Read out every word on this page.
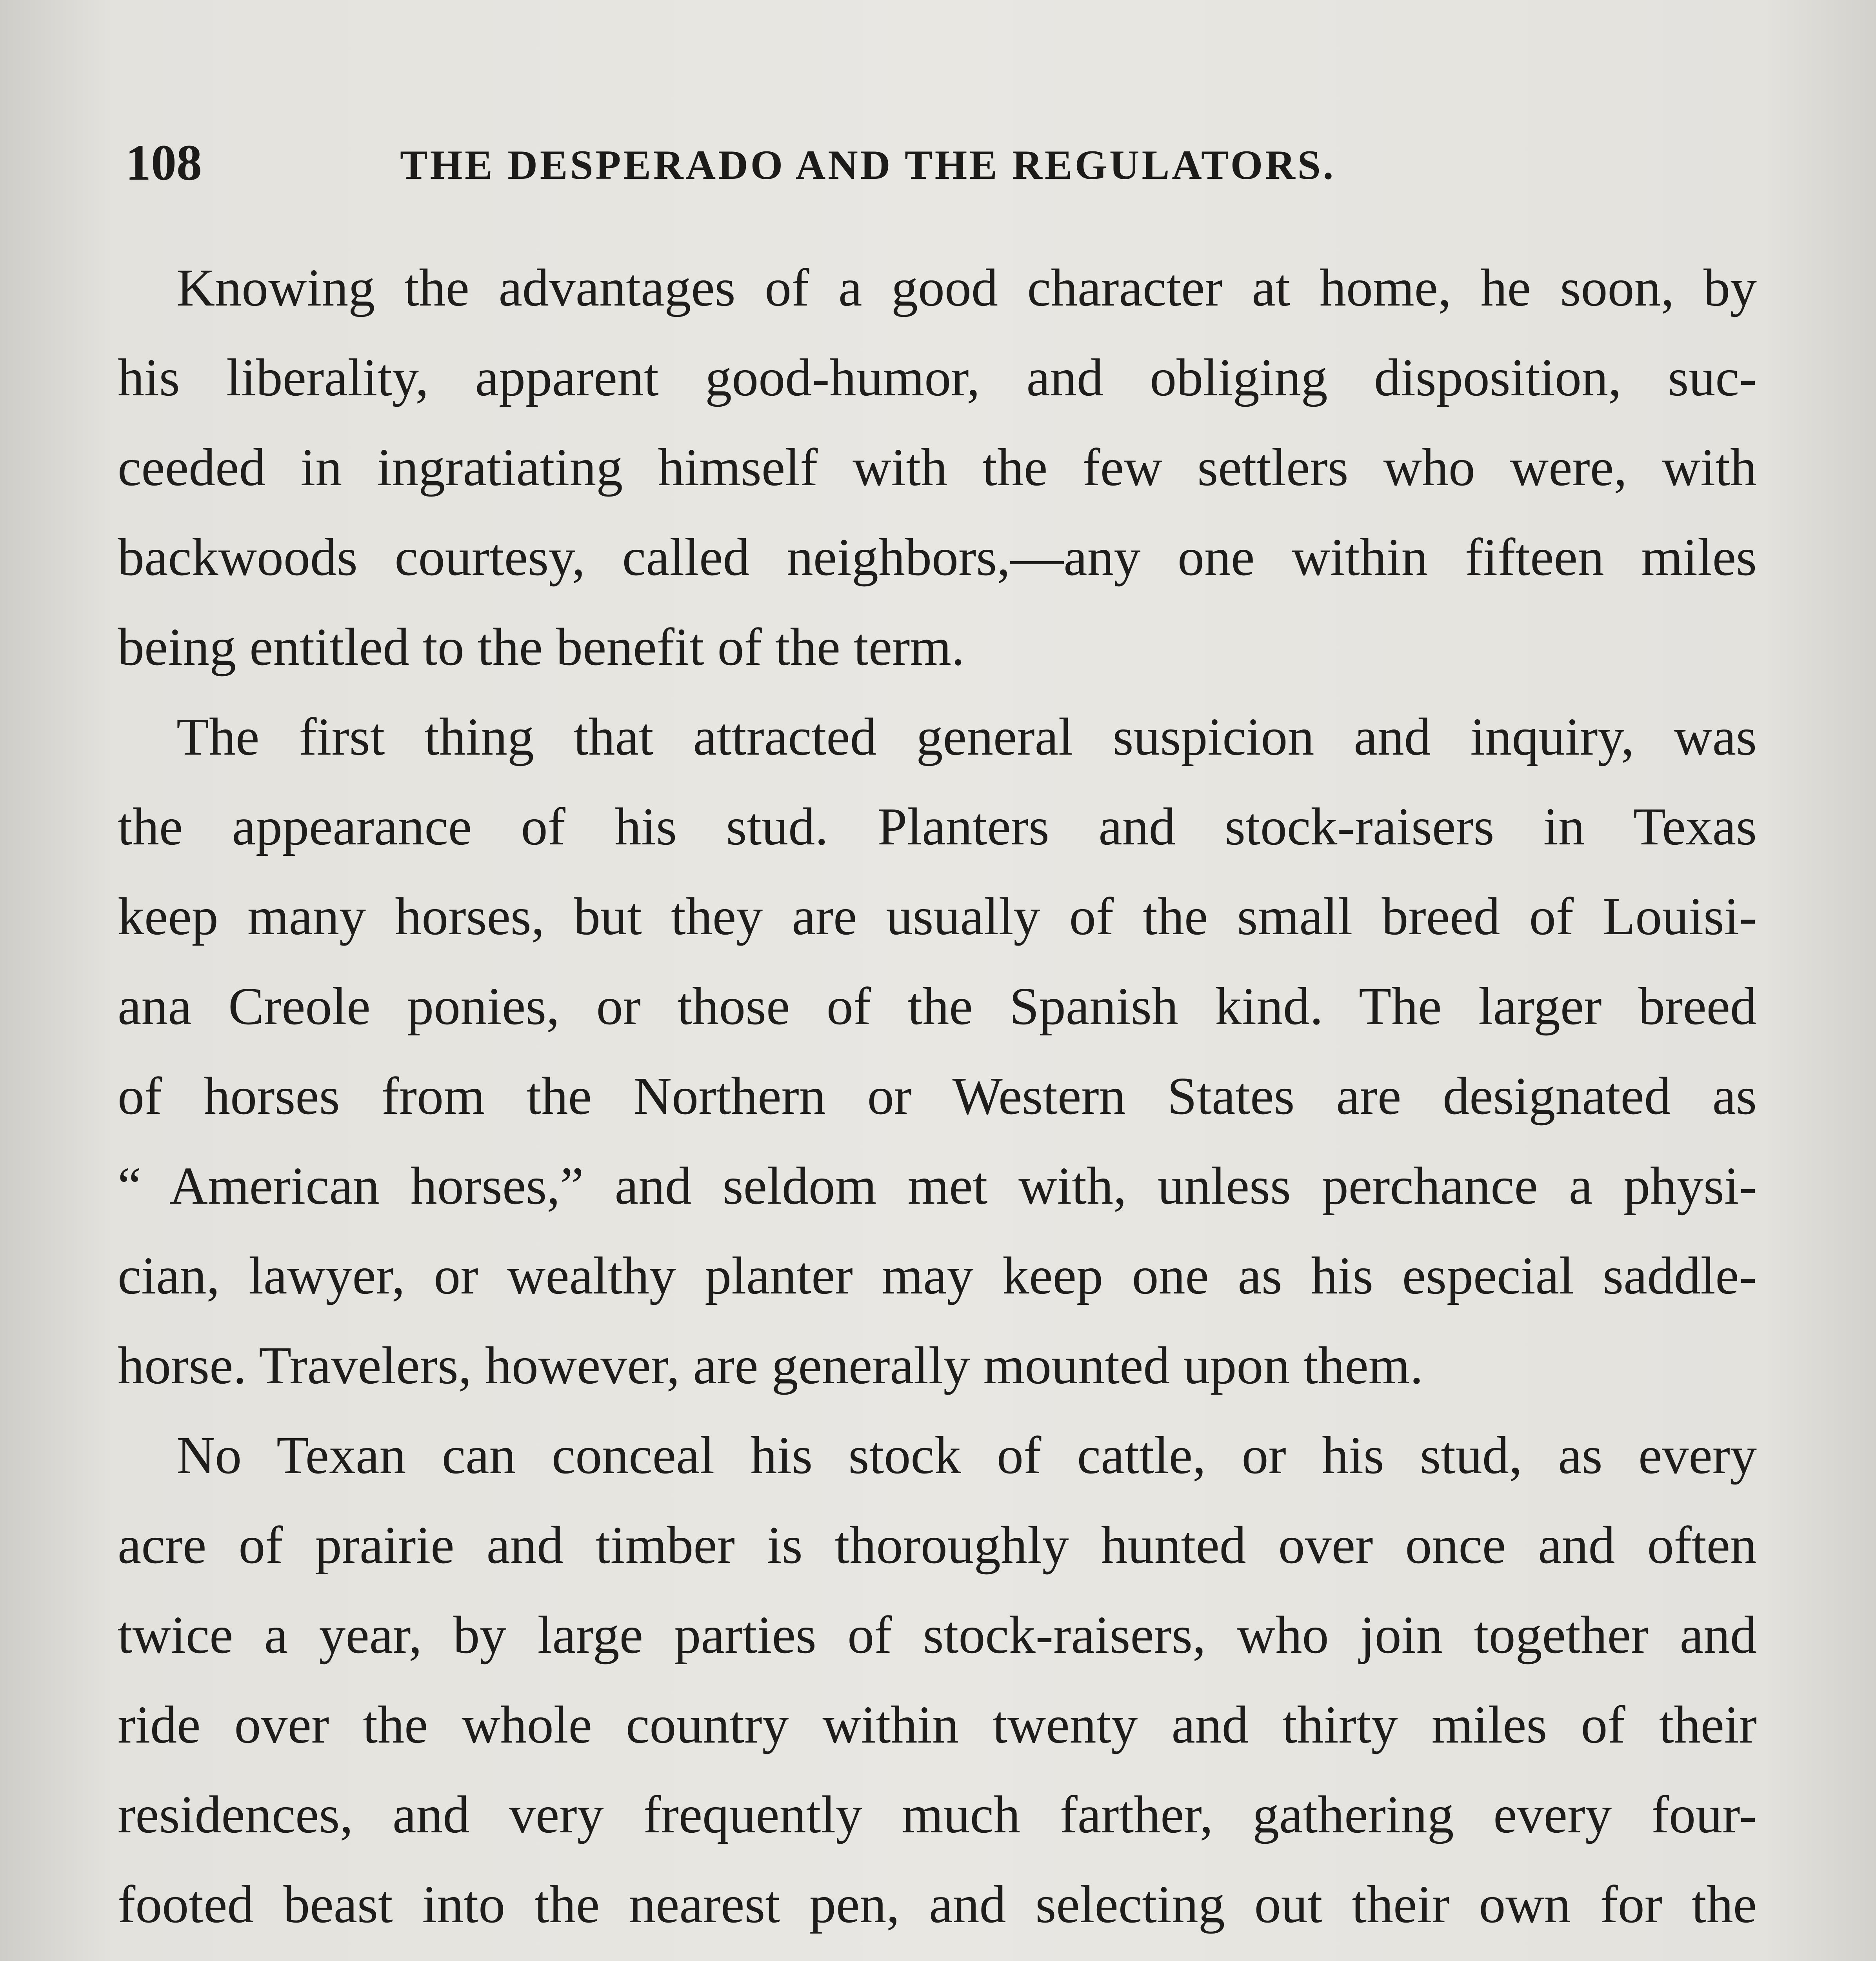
108	THE DESPERADO AND THE REGULATORS.

Knowing the advantages of a good character at home, he soon, by
his liberality, apparent good-humor, and obliging disposition, suc-
ceeded in ingratiating himself with the few settlers who were, with
backwoods courtesy, called neighbors,—any one within fifteen miles
being entitled to the benefit of the term.

The first thing that attracted general suspicion and inquiry, was
the appearance of his stud. Planters and stock-raisers in Texas
keep many horses, but they are usually of the small breed of Louisi-
ana Creole ponies, or those of the Spanish kind. The larger breed
of horses from the Northern or Western States are designated as
“ American horses,” and seldom met with, unless perchance a physi-
cian, lawyer, or wealthy planter may keep one as his especial saddle-
horse. Travelers, however, are generally mounted upon them.

No Texan can conceal his stock of cattle, or his stud, as every
acre of prairie and timber is thoroughly hunted over once and often
twice a year, by large parties of stock-raisers, who join together and
ride over the whole country within twenty and thirty miles of their
residences, and very frequently much farther, gathering every four-
footed beast into the nearest pen, and selecting out their own for the
